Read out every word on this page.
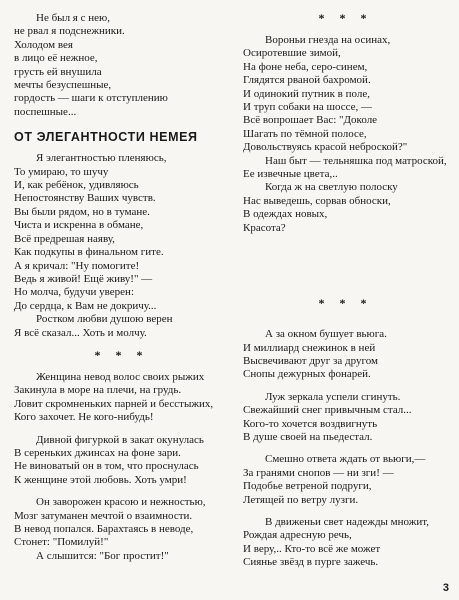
Не был я с нею,
не рвал я подснежники.
Холодом вея
в лицо её нежное,
грусть ей внушила
мечты безуспешные,
гордость — шаги к отступлению
поспешные...
ОТ ЭЛЕГАНТНОСТИ НЕМЕЯ
Я элегантностью пленяюсь,
То умираю, то шучу
И, как ребёнок, удивляюсь
Непостоянству Ваших чувств.
Вы были рядом, но в тумане.
Чиста и искренна в обмане,
Всё предрешая наяву,
Как подкупы в финальном гите.
А я кричал: "Ну помогите!
Ведь я живой! Ещё живу!" —
Но молча, будучи уверен:
До сердца, к Вам не докричу...
Ростком любви душою верен
Я всё сказал... Хоть и молчу.
* * *
Женщина невод волос своих рыжих
Закинула в море на плечи, на грудь.
Ловит скромненьких парней и бесстыжих,
Кого захочет. Не кого-нибудь!
Дивной фигуркой в закат окунулась
В сереньких джинсах на фоне зари.
Не виноватый он в том, что проснулась
К женщине этой любовь. Хоть умри!
Он заворожен красою и нежностью,
Мозг затуманен мечтой о взаимности.
В невод попался. Барахтаясь в неводе,
Стонет: "Помилуй!"
А слышится: "Бог простит!"
* * *
Вороньи гнезда на осинах,
Осиротевшие зимой,
На фоне неба, серо-синем,
Глядятся рваной бахромой.
И одинокий путник в поле,
И труп собаки на шоссе, —
Всё вопрошает Вас: "Доколе
Шагать по тёмной полосе,
Довольствуясь красой неброской?"
Наш быт — тельняшка под матроской,
Ее извечные цвета,..
Когда ж на светлую полоску
Нас выведешь, сорвав обноски,
В одеждах новых,
Красота?
* * *
А за окном бушует вьюга.
И миллиард снежинок в ней
Высвечивают друг за другом
Снопы дежурных фонарей.
Луж зеркала успели сгинуть.
Свежайший снег привычным стал...
Кого-то хочется воздвигнуть
В душе своей на пьедестал.
Смешно ответа ждать от вьюги,—
За гранями снопов — ни зги! —
Подобье ветреной подруги,
Летящей по ветру лузги.
В движеньи свет надежды множит,
Рождая адресную речь,
И веру,.. Кто-то всё же может
Сиянье звёзд в пурге зажечь.
3
